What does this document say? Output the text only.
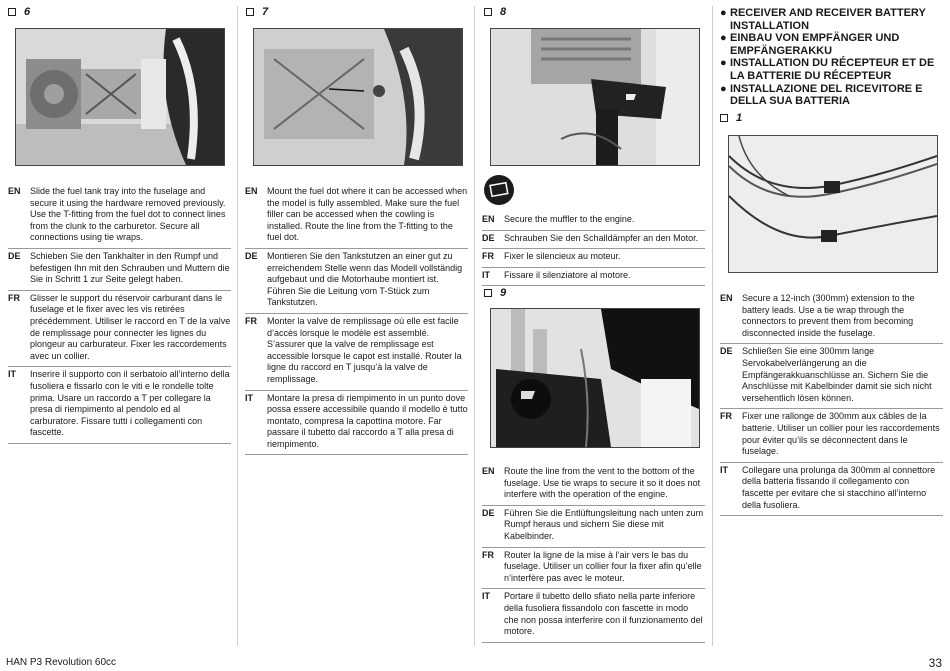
6	7	8
9
1
EN	Slide the fuel tank tray into the fuselage and secure it using the hardware removed previously. Use the T-fitting from the fuel dot to connect lines from the clunk to the carburetor. Secure all connections using tie wraps.
DE	Schieben Sie den Tankhalter in den Rumpf und befestigen Ihn mit den Schrauben und Muttern die Sie in Schritt 1 zur Seite gelegt haben.
FR	Glisser le support du réservoir carburant dans le fuselage et le fixer avec les vis retirées précédemment. Utiliser le raccord en T de la valve de remplissage pour connecter les lignes du plongeur au carburateur. Fixer les raccordements avec un collier.
IT	Inserire il supporto con il serbatoio all’interno della fusoliera e fissarlo con le viti e le rondelle tolte prima. Usare un raccordo a T per collegare la presa di riempimento al pendolo ed al carburatore. Fissare tutti i collegamenti con fascette.
EN	Mount the fuel dot where it can be accessed when the model is fully assembled. Make sure the fuel filler can be accessed when the cowling is installed. Route the line from the T-fitting to the fuel dot.
DE	Montieren Sie den Tankstutzen an einer gut zu erreichendem Stelle wenn das Modell vollständig aufgebaut und die Motorhaube montiert ist. Führen Sie die Leitung vom T-Stück zum Tankstutzen.
FR	Monter la valve de remplissage où elle est facile d’accès lorsque le modèle est assemblé. S’assurer que la valve de remplissage est accessible lorsque le capot est installé. Router la ligne du raccord en T jusqu’à la valve de remplissage.
IT	Montare la presa di riempimento in un punto dove possa essere accessibile quando il modello è tutto montato, compresa la capottina motore. Far passare il tubetto dal raccordo a T alla presa di riempimento.
EN	Secure the muffler to the engine.
DE	Schrauben Sie den Schalldämpfer an den Motor.
FR	Fixer le silencieux au moteur.
IT	Fissare il silenziatore al motore.
EN	Route the line from the vent to the bottom of the fuselage. Use tie wraps to secure it so it does not interfere with the operation of the engine.
DE	Führen Sie die Entlüftungsleitung nach unten zum Rumpf heraus und sichern Sie diese mit Kabelbinder.
FR	Router la ligne de la mise à l’air vers le bas du fuselage. Utiliser un collier four la fixer afin qu’elle n’interfère pas avec le moteur.
IT	Portare il tubetto dello sfiato nella parte inferiore della fusoliera fissandolo con fascette in modo che non possa interferire con il funzionamento del motore.
● RECEIVER AND RECEIVER BATTERY INSTALLATION
● EINBAU VON EMPFÄNGER UND EMPFÄNGERAKKU
● INSTALLATION DU RÉCEPTEUR ET DE LA BATTERIE DU RÉCEPTEUR
● INSTALLAZIONE DEL RICEVITORE E DELLA SUA BATTERIA
EN	Secure a 12-inch (300mm) extension to the battery leads. Use a tie wrap through the connectors to prevent them from becoming disconnected inside the fuselage.
DE	Schließen Sie eine 300mm lange Servokabelverlängerung an die Empfängerakkuanschlüsse an. Sichern Sie die Anschlüsse mit Kabelbinder damit sie sich nicht versehentlich lösen können.
FR	Fixer une rallonge de 300mm aux câbles de la batterie. Utiliser un collier pour les raccordements pour éviter qu’ils se déconnectent dans le fuselage.
IT	Collegare una prolunga da 300mm al connettore della batteria fissando il collegamento con fascette per evitare che si stacchino all’interno della fusoliera.
HAN P3 Revolution 60cc	33
